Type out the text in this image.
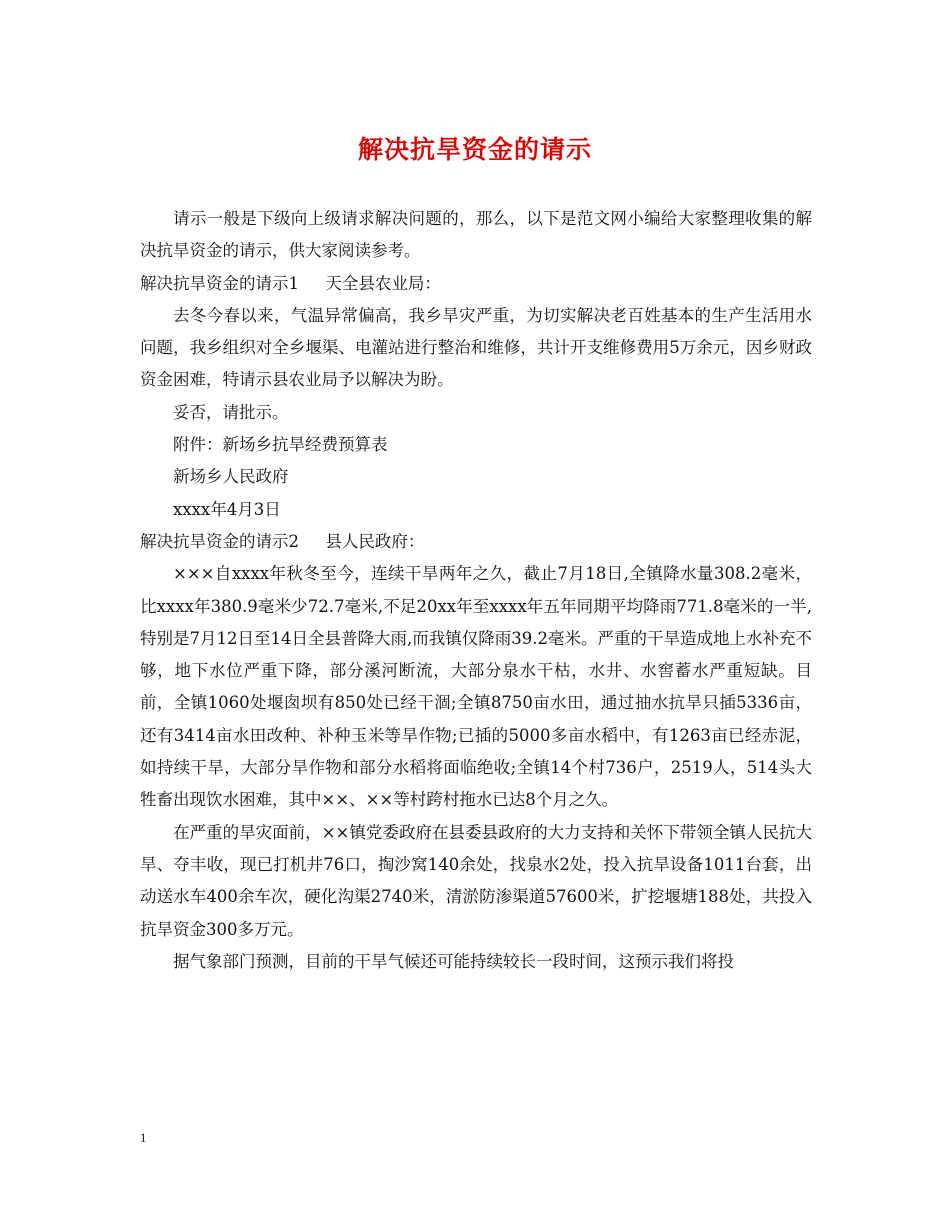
解决抗旱资金的请示

请示一般是下级向上级请求解决问题的，那么，以下是范文网小编给大家整理收集的解决抗旱资金的请示，供大家阅读参考。

解决抗旱资金的请示1 天全县农业局：

去冬今春以来，气温异常偏高，我乡旱灾严重，为切实解决老百姓基本的生产生活用水问题，我乡组织对全乡堰渠、电灌站进行整治和维修，共计开支维修费用5万余元，因乡财政资金困难，特请示县农业局予以解决为盼。

妥否，请批示。

附件：新场乡抗旱经费预算表

新场乡人民政府

xxxx年4月3日

解决抗旱资金的请示2 县人民政府：

×××自xxxx年秋冬至今，连续干旱两年之久，截止7月18日,全镇降水量308.2毫米，比xxxx年380.9毫米少72.7毫米,不足20xx年至xxxx年五年同期平均降雨771.8毫米的一半,特别是7月12日至14日全县普降大雨,而我镇仅降雨39.2毫米。严重的干旱造成地上水补充不够，地下水位严重下降，部分溪河断流，大部分泉水干枯，水井、水窖蓄水严重短缺。目前，全镇1060处堰囱坝有850处已经干涸;全镇8750亩水田，通过抽水抗旱只插5336亩，还有3414亩水田改种、补种玉米等旱作物;已插的5000多亩水稻中，有1263亩已经赤泥，如持续干旱，大部分旱作物和部分水稻将面临绝收;全镇14个村736户，2519人，514头大牲畜出现饮水困难，其中××、××等村跨村拖水已达8个月之久。

在严重的旱灾面前，××镇党委政府在县委县政府的大力支持和关怀下带领全镇人民抗大旱、夺丰收，现已打机井76口，掏沙窝140余处，找泉水2处，投入抗旱设备1011台套，出动送水车400余车次，硬化沟渠2740米，清淤防渗渠道57600米，扩挖堰塘188处，共投入抗旱资金300多万元。

据气象部门预测，目前的干旱气候还可能持续较长一段时间，这预示我们将投

1
